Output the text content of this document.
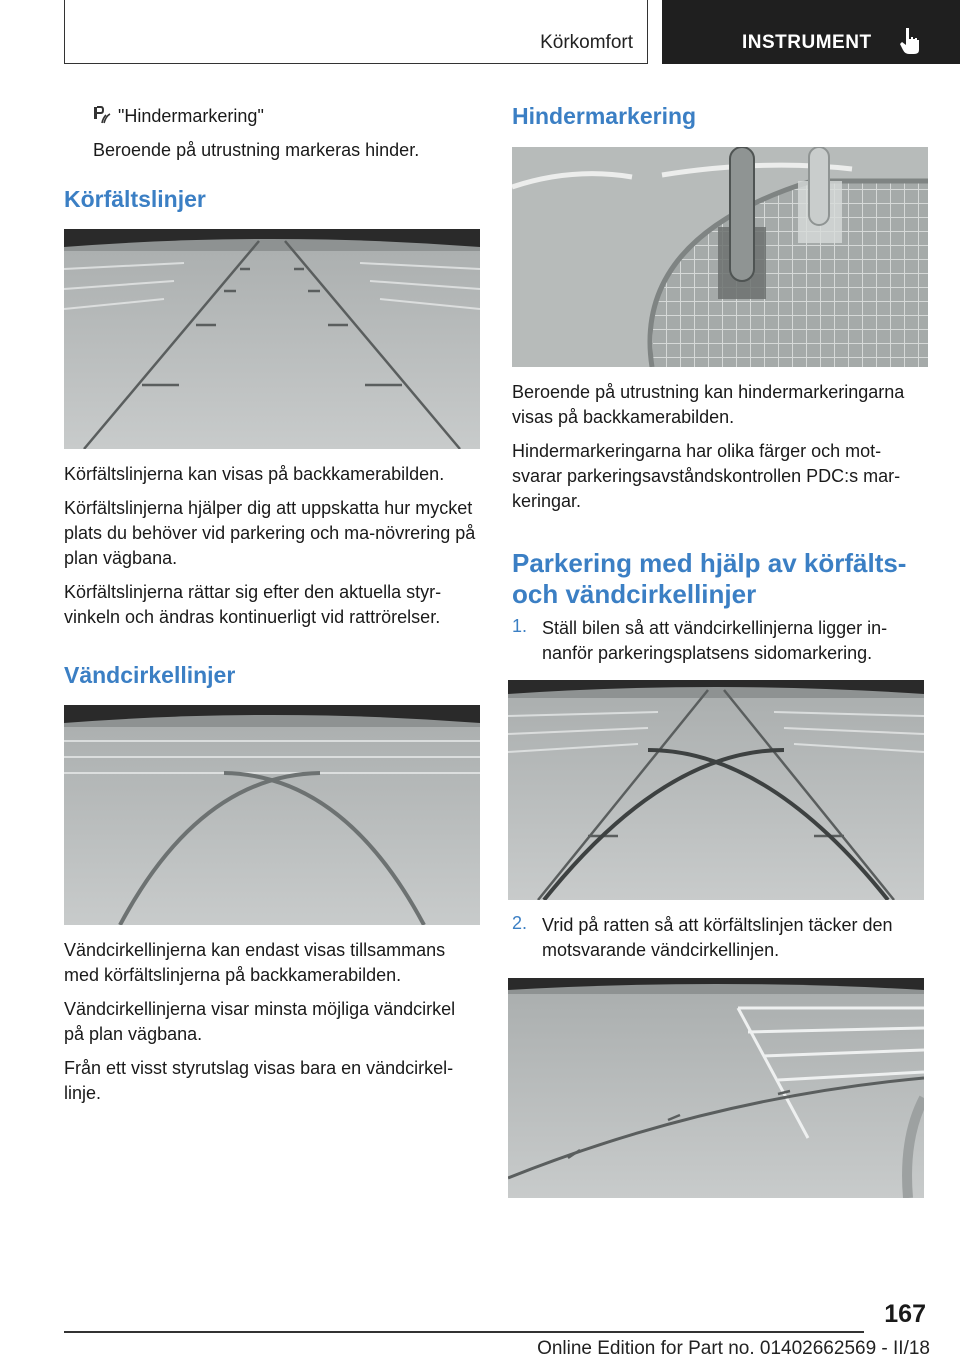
Körkomfort	INSTRUMENT

"Hindermarkering"

Beroende på utrustning markeras hinder.

Körfältslinjer

Körfältslinjerna kan visas på backkamerabilden.

Körfältslinjerna hjälper dig att uppskatta hur mycket plats du behöver vid parkering och ma-növrering på plan vägbana.

Körfältslinjerna rättar sig efter den aktuella styr-vinkeln och ändras kontinuerligt vid rattrörelser.

Vändcirkellinjer

Vändcirkellinjerna kan endast visas tillsammans med körfältslinjerna på backkamerabilden.

Vändcirkellinjerna visar minsta möjliga vändcirkel på plan vägbana.

Från ett visst styrutslag visas bara en vändcirkel-linje.

Hindermarkering

Beroende på utrustning kan hindermarkeringarna visas på backkamerabilden.

Hindermarkeringarna har olika färger och mot-svarar parkeringsavståndskontrollen PDC:s mar-keringar.

Parkering med hjälp av körfälts-
och vändcirkellinjer
1. Ställ bilen så att vändcirkellinjerna ligger in-nanför parkeringsplatsens sidomarkering.

2. Vrid på ratten så att körfältslinjen täcker den motsvarande vändcirkellinjen.

167
Online Edition for Part no. 01402662569 - II/18
